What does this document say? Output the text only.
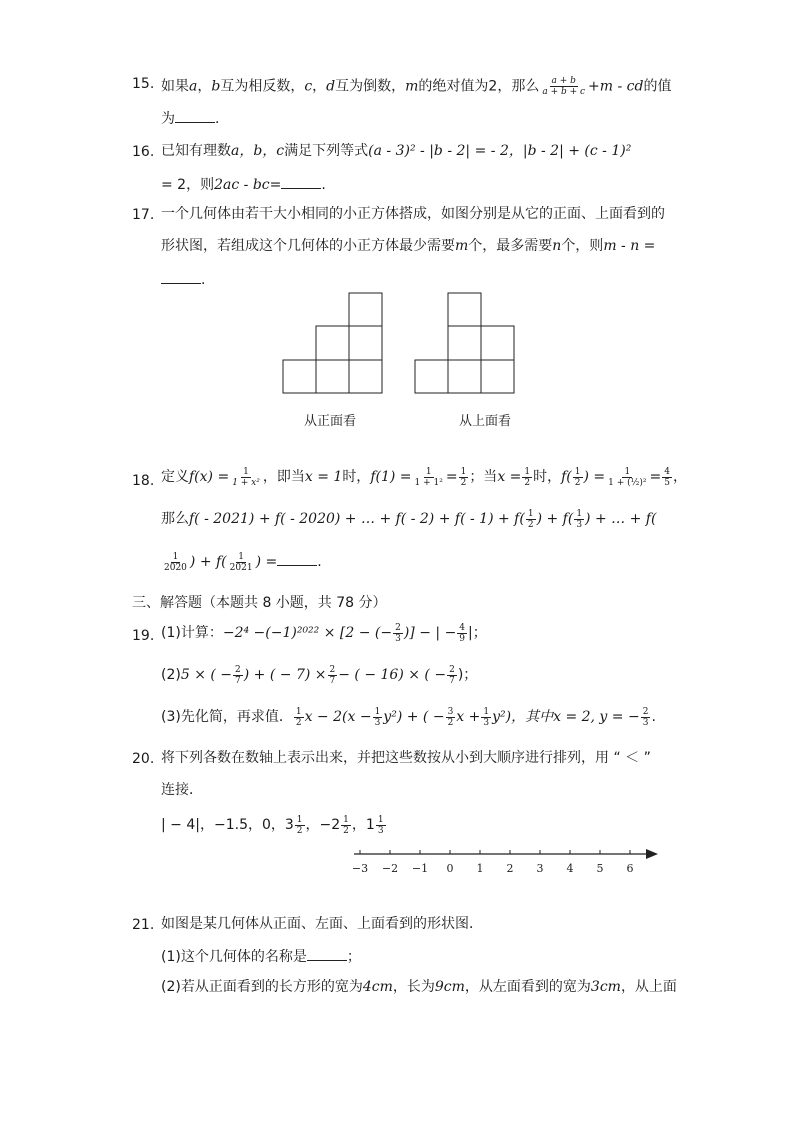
15. 如果a，b互为相反数，c，d互为倒数，m的绝对值为2，那么 $\frac{a + b}{a + b + c} +m$ - cd的值
为	.
16. 已知有理数a，b，c满足下列等式(a - 3)² - |b - 2| = - 2，|b - 2| + (c - 1)²
= 2，则2ac - bc=	.
17. 一个几何体由若干大小相同的小正方体搭成，如图分别是从它的正面、上面看到的
形状图，若组成这个几何体的小正方体最少需要m个，最多需要n个，则m - n =
.
从正面看	从上面看
18. 定义$f(x) = \frac{1}{\text{1 + x²}}$ ，即当x = 1时，$f(1) = \frac{1}{\text{1 + 1²}} = \frac{1}{2}$ ；当$x = \frac{1}{2}$ 时，$f( \frac{1}{2}$ ) = $\frac{1}{\text{1 + (½)²}} = \frac{4}{5}$ ，
那么f( - 2021) + f( - 2020) + … + $f( - 2) + f( - 1) + f( \frac{1}{2}$ ) + $f( \frac{1}{3}$ ) + … + f(
$\frac{1}{2020}$ ) + $f( \frac{1}{2021}$ ) =	.
三、解答题（本题共 8 小题，共 78 分）
19. (1)计算：−2⁴ −(−1)²⁰²² × [2 − (− $\frac{2}{3}$ )] − | − $\frac{4}{9}$ |；
(2)5 × ( − $\frac{2}{7}$ ) + ( − $7) \times \frac{2}{7}$ − ( − 16) × ( − $\frac{2}{7}$ )；
(3)先化简，再求值． $\frac{1}{2}$ $x - 2(x - \frac{1}{3} y^2)$ + ( − $\frac{3}{2}$ $x + \frac{1}{3} y^2$)，其中x = 2, y = − $\frac{2}{3}$ .
20. 将下列各数在数轴上表示出来，并把这些数按从小到大顺序进行排列，用 “ ＜ ”
连接．
| − 4|，−1.5，0，$3 \frac{1}{2}$ ，$-2 \frac{1}{2}$ ，$1 \frac{1}{3}$
−3 −2 −1 0 1 2 3 4 5 6
21. 如图是某几何体从正面、左面、上面看到的形状图．
(1)这个几何体的名称是	；
(2)若从正面看到的长方形的宽为4cm，长为9cm，从左面看到的宽为3cm，从上面
